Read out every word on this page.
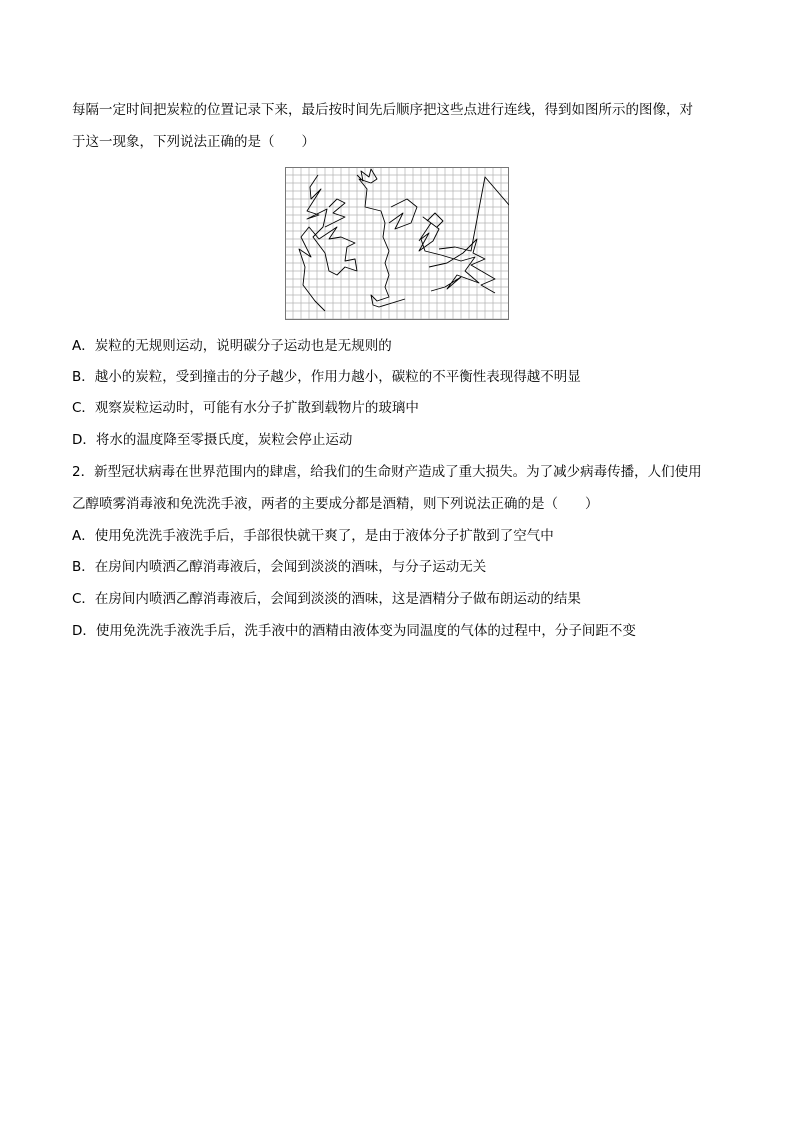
每隔一定时间把炭粒的位置记录下来，最后按时间先后顺序把这些点进行连线，得到如图所示的图像，对
于这一现象，下列说法正确的是（　　）
A．炭粒的无规则运动，说明碳分子运动也是无规则的
B．越小的炭粒，受到撞击的分子越少，作用力越小，碳粒的不平衡性表现得越不明显
C．观察炭粒运动时，可能有水分子扩散到载物片的玻璃中
D．将水的温度降至零摄氏度，炭粒会停止运动
2．新型冠状病毒在世界范围内的肆虐，给我们的生命财产造成了重大损失。为了减少病毒传播，人们使用
乙醇喷雾消毒液和免洗洗手液，两者的主要成分都是酒精，则下列说法正确的是（　　）
A．使用免洗洗手液洗手后，手部很快就干爽了，是由于液体分子扩散到了空气中
B．在房间内喷洒乙醇消毒液后，会闻到淡淡的酒味，与分子运动无关
C．在房间内喷洒乙醇消毒液后，会闻到淡淡的酒味，这是酒精分子做布朗运动的结果
D．使用免洗洗手液洗手后，洗手液中的酒精由液体变为同温度的气体的过程中，分子间距不变
